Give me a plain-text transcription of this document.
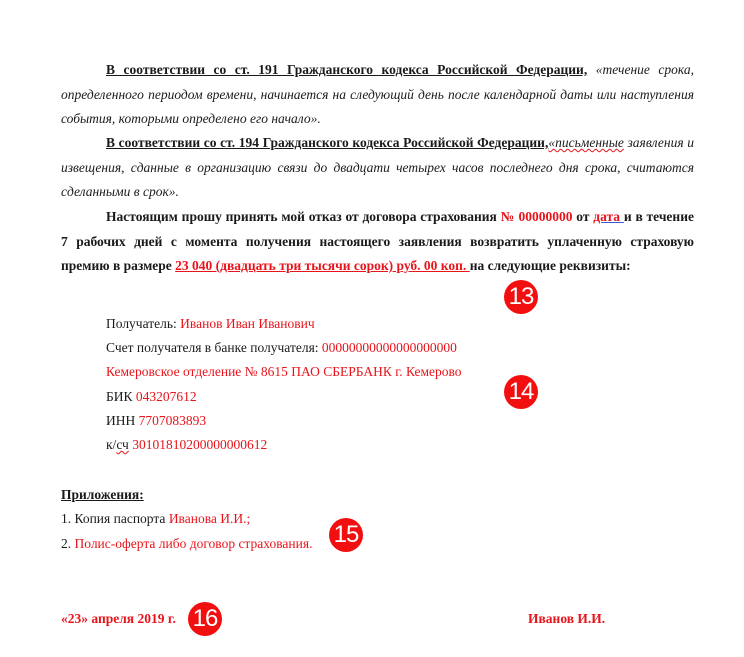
В соответствии со ст. 191 Гражданского кодекса Российской Федерации, «течение срока, определенного периодом времени, начинается на следующий день после календарной даты или наступления события, которыми определено его начало».

В соответствии со ст. 194 Гражданского кодекса Российской Федерации,«письменные заявления и извещения, сданные в организацию связи до двадцати четырех часов последнего дня срока, считаются сделанными в срок».

Настоящим прошу принять мой отказ от договора страхования № 00000000 от дата и в течение 7 рабочих дней с момента получения настоящего заявления возвратить уплаченную страховую премию в размере 23 040 (двадцать три тысячи сорок) руб. 00 коп. на следующие реквизиты:

Получатель: Иванов Иван Иванович

Счет получателя в банке получателя: 00000000000000000000

Кемеровское отделение № 8615 ПАО СБЕРБАНК г. Кемерово

БИК 043207612

ИНН 7707083893

к/сч 30101810200000000612

Приложения:

1. Копия паспорта Иванова И.И.;

2. Полис-оферта либо договор страхования.

«23» апреля 2019 г.	Иванов И.И.

13
14
15
16
